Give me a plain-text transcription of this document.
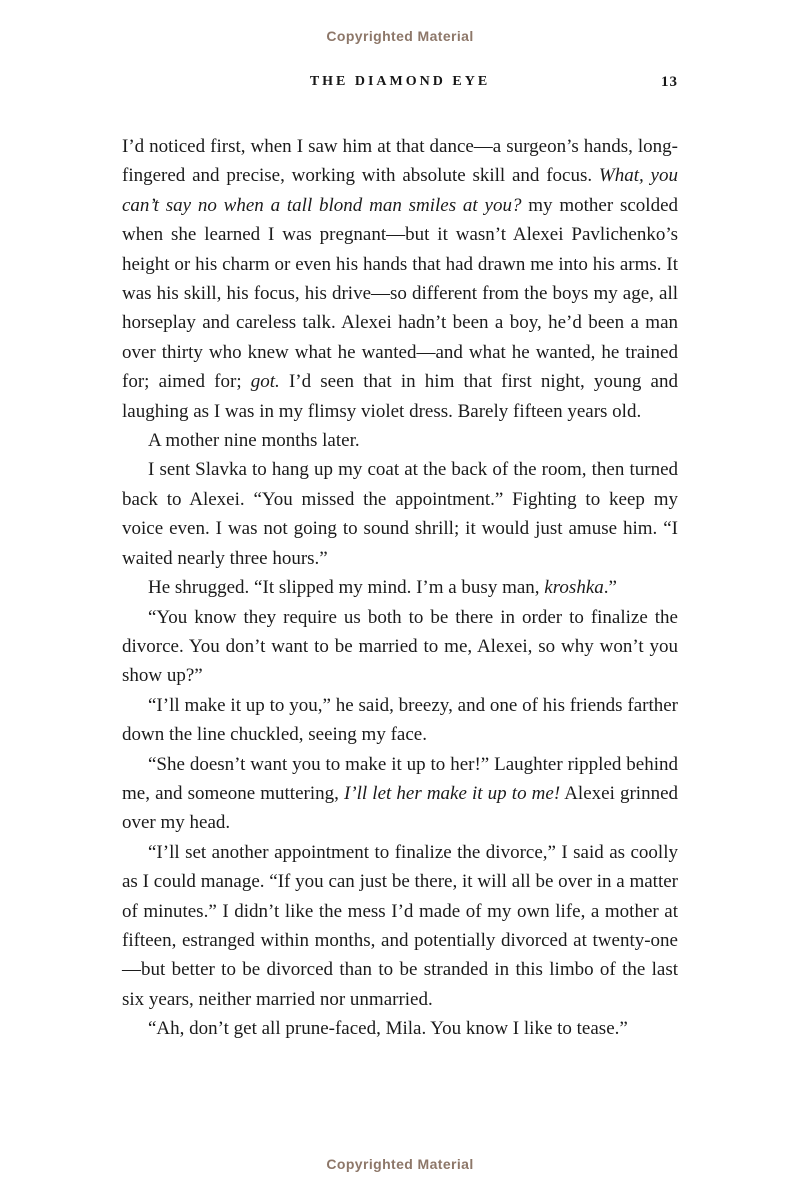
Copyrighted Material
THE DIAMOND EYE	13

I’d noticed first, when I saw him at that dance—a surgeon’s hands, long-fingered and precise, working with absolute skill and focus. What, you can’t say no when a tall blond man smiles at you? my mother scolded when she learned I was pregnant—but it wasn’t Alexei Pavlichenko’s height or his charm or even his hands that had drawn me into his arms. It was his skill, his focus, his drive—so different from the boys my age, all horseplay and careless talk. Alexei hadn’t been a boy, he’d been a man over thirty who knew what he wanted—and what he wanted, he trained for; aimed for; got. I’d seen that in him that first night, young and laughing as I was in my flimsy violet dress. Barely fifteen years old.

A mother nine months later.

I sent Slavka to hang up my coat at the back of the room, then turned back to Alexei. “You missed the appointment.” Fighting to keep my voice even. I was not going to sound shrill; it would just amuse him. “I waited nearly three hours.”

He shrugged. “It slipped my mind. I’m a busy man, kroshka.”

“You know they require us both to be there in order to finalize the divorce. You don’t want to be married to me, Alexei, so why won’t you show up?”

“I’ll make it up to you,” he said, breezy, and one of his friends farther down the line chuckled, seeing my face.

“She doesn’t want you to make it up to her!” Laughter rippled behind me, and someone muttering, I’ll let her make it up to me! Alexei grinned over my head.

“I’ll set another appointment to finalize the divorce,” I said as coolly as I could manage. “If you can just be there, it will all be over in a matter of minutes.” I didn’t like the mess I’d made of my own life, a mother at fifteen, estranged within months, and potentially divorced at twenty-one—but better to be divorced than to be stranded in this limbo of the last six years, neither married nor unmarried.

“Ah, don’t get all prune-faced, Mila. You know I like to tease.”

Copyrighted Material
